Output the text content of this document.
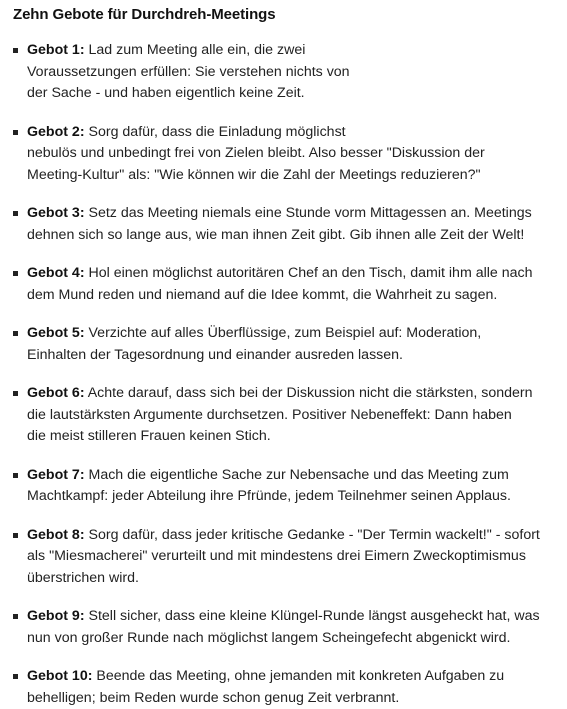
Zehn Gebote für Durchdreh-Meetings
Gebot 1: Lad zum Meeting alle ein, die zwei
Voraussetzungen erfüllen: Sie verstehen nichts von
der Sache - und haben eigentlich keine Zeit.
Gebot 2: Sorg dafür, dass die Einladung möglichst
nebulös und unbedingt frei von Zielen bleibt. Also besser "Diskussion der
Meeting-Kultur" als: "Wie können wir die Zahl der Meetings reduzieren?"
Gebot 3: Setz das Meeting niemals eine Stunde vorm Mittagessen an. Meetings
dehnen sich so lange aus, wie man ihnen Zeit gibt. Gib ihnen alle Zeit der Welt!
Gebot 4: Hol einen möglichst autoritären Chef an den Tisch, damit ihm alle nach
dem Mund reden und niemand auf die Idee kommt, die Wahrheit zu sagen.
Gebot 5: Verzichte auf alles Überflüssige, zum Beispiel auf: Moderation,
Einhalten der Tagesordnung und einander ausreden lassen.
Gebot 6: Achte darauf, dass sich bei der Diskussion nicht die stärksten, sondern
die lautstärksten Argumente durchsetzen. Positiver Nebeneffekt: Dann haben
die meist stilleren Frauen keinen Stich.
Gebot 7: Mach die eigentliche Sache zur Nebensache und das Meeting zum
Machtkampf: jeder Abteilung ihre Pfründe, jedem Teilnehmer seinen Applaus.
Gebot 8: Sorg dafür, dass jeder kritische Gedanke - "Der Termin wackelt!" - sofort
als "Miesmacherei" verurteilt und mit mindestens drei Eimern Zweckoptimismus
überstrichen wird.
Gebot 9: Stell sicher, dass eine kleine Klüngel-Runde längst ausgeheckt hat, was
nun von großer Runde nach möglichst langem Scheingefecht abgenickt wird.
Gebot 10: Beende das Meeting, ohne jemanden mit konkreten Aufgaben zu
behelligen; beim Reden wurde schon genug Zeit verbrannt.
